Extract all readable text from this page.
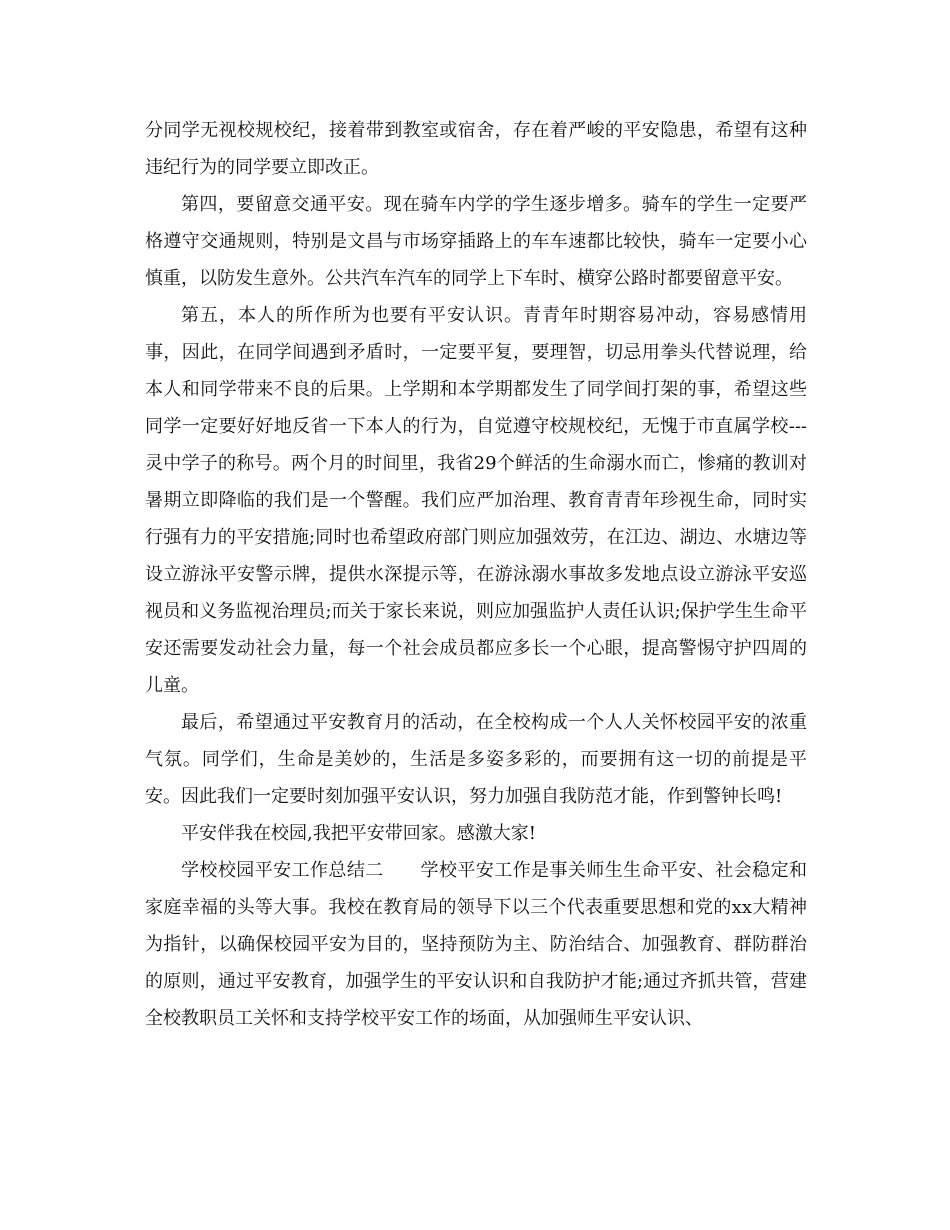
分同学无视校规校纪，接着带到教室或宿舍，存在着严峻的平安隐患，希望有这种违纪行为的同学要立即改正。

第四，要留意交通平安。现在骑车内学的学生逐步增多。骑车的学生一定要严格遵守交通规则，特别是文昌与市场穿插路上的车车速都比较快，骑车一定要小心慎重，以防发生意外。公共汽车汽车的同学上下车时、横穿公路时都要留意平安。

第五，本人的所作所为也要有平安认识。青青年时期容易冲动，容易感情用事，因此，在同学间遇到矛盾时，一定要平复，要理智，切忌用拳头代替说理，给本人和同学带来不良的后果。上学期和本学期都发生了同学间打架的事，希望这些同学一定要好好地反省一下本人的行为，自觉遵守校规校纪，无愧于市直属学校---灵中学子的称号。两个月的时间里，我省29个鲜活的生命溺水而亡，惨痛的教训对暑期立即降临的我们是一个警醒。我们应严加治理、教育青青年珍视生命，同时实行强有力的平安措施;同时也希望政府部门则应加强效劳，在江边、湖边、水塘边等设立游泳平安警示牌，提供水深提示等，在游泳溺水事故多发地点设立游泳平安巡视员和义务监视治理员;而关于家长来说，则应加强监护人责任认识;保护学生生命平安还需要发动社会力量，每一个社会成员都应多长一个心眼，提高警惕守护四周的儿童。

最后，希望通过平安教育月的活动，在全校构成一个人人关怀校园平安的浓重气氛。同学们，生命是美妙的，生活是多姿多彩的，而要拥有这一切的前提是平安。因此我们一定要时刻加强平安认识，努力加强自我防范才能，作到警钟长鸣!

平安伴我在校园,我把平安带回家。感激大家!

学校校园平安工作总结二　　学校平安工作是事关师生生命平安、社会稳定和家庭幸福的头等大事。我校在教育局的领导下以三个代表重要思想和党的xx大精神为指针，以确保校园平安为目的，坚持预防为主、防治结合、加强教育、群防群治的原则，通过平安教育，加强学生的平安认识和自我防护才能;通过齐抓共管，营建全校教职员工关怀和支持学校平安工作的场面，从加强师生平安认识、
